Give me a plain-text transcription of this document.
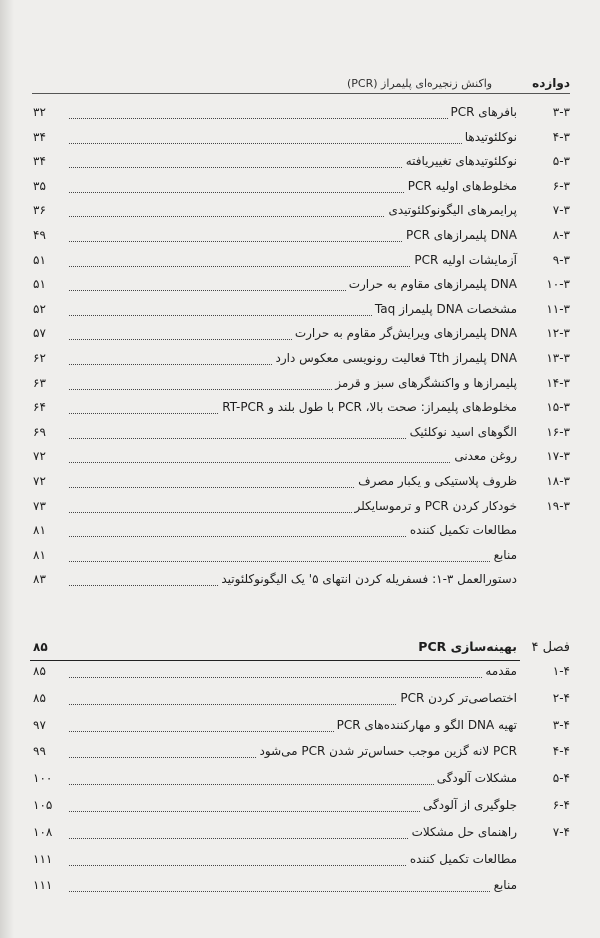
دوازده
واکنش زنجیره‌ای پلیمراز (PCR)
۳-۳
بافرهای PCR
۳۲
۴-۳
نوکلئوتیدها
۳۴
۵-۳
نوکلئوتیدهای تغییریافته
۳۴
۶-۳
مخلوط‌های اولیه PCR
۳۵
۷-۳
پرایمرهای الیگونوکلئوتیدی
۳۶
۸-۳
DNA پلیمرازهای PCR
۴۹
۹-۳
آزمایشات اولیه PCR
۵۱
۱۰-۳
DNA پلیمرازهای مقاوم به حرارت
۵۱
۱۱-۳
مشخصات DNA پلیمراز Taq
۵۲
۱۲-۳
DNA پلیمرازهای ویرایش‌گر مقاوم به حرارت
۵۷
۱۳-۳
DNA پلیمراز Tth فعالیت رونویسی معکوس دارد
۶۲
۱۴-۳
پلیمرازها و واکنشگرهای سبز و قرمز
۶۳
۱۵-۳
مخلوط‌های پلیمراز: صحت بالا، PCR با طول بلند و RT-PCR
۶۴
۱۶-۳
الگوهای اسید نوکلئیک
۶۹
۱۷-۳
روغن معدنی
۷۲
۱۸-۳
ظروف پلاستیکی و یکبار مصرف
۷۲
۱۹-۳
خودکار کردن PCR و ترموسایکلر
۷۳
مطالعات تکمیل کننده
۸۱
منابع
۸۱
دستورالعمل ۳-۱: فسفریله کردن انتهای ۵' یک الیگونوکلئوتید
۸۳
فصل ۴
بهینه‌سازی PCR
۸۵
۱-۴
مقدمه
۸۵
۲-۴
اختصاصی‌تر کردن PCR
۸۵
۳-۴
تهیه DNA الگو و مهارکننده‌های PCR
۹۷
۴-۴
PCR لانه گزین موجب حساس‌تر شدن PCR می‌شود
۹۹
۵-۴
مشکلات آلودگی
۱۰۰
۶-۴
جلوگیری از آلودگی
۱۰۵
۷-۴
راهنمای حل مشکلات
۱۰۸
مطالعات تکمیل کننده
۱۱۱
منابع
۱۱۱
